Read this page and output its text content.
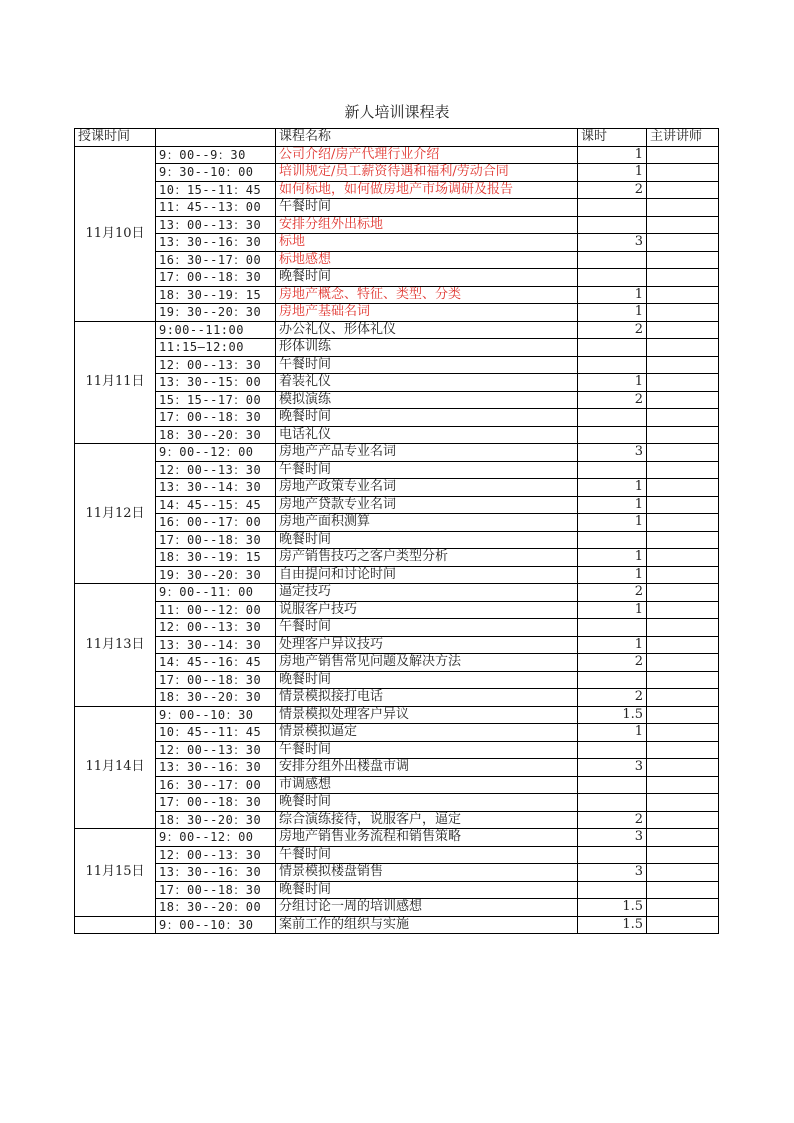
新人培训课程表
授课时间		课程名称	课时	主讲讲师
11月10日	9：00--9：30	公司介绍/房产代理行业介绍	1	
	9：30--10：00	培训规定/员工薪资待遇和福利/劳动合同	1	
	10：15--11：45	如何标地，如何做房地产市场调研及报告	2	
	11：45--13：00	午餐时间		
	13：00--13：30	安排分组外出标地		
	13：30--16：30	标地	3	
	16：30--17：00	标地感想		
	17：00--18：30	晚餐时间		
	18：30--19：15	房地产概念、特征、类型、分类	1	
	19：30--20：30	房地产基础名词	1	
11月11日	9:00--11:00	办公礼仪、形体礼仪	2	
	11:15—12:00	形体训练		
	12：00--13：30	午餐时间		
	13：30--15：00	着装礼仪	1	
	15：15--17：00	模拟演练	2	
	17：00--18：30	晚餐时间		
	18：30--20：30	电话礼仪		
11月12日	9：00--12：00	房地产产品专业名词	3	
	12：00--13：30	午餐时间		
	13：30--14：30	房地产政策专业名词	1	
	14：45--15：45	房地产贷款专业名词	1	
	16：00--17：00	房地产面积测算	1	
	17：00--18：30	晚餐时间		
	18：30--19：15	房产销售技巧之客户类型分析	1	
	19：30--20：30	自由提问和讨论时间	1	
11月13日	9：00--11：00	逼定技巧	2	
	11：00--12：00	说服客户技巧	1	
	12：00--13：30	午餐时间		
	13：30--14：30	处理客户异议技巧	1	
	14：45--16：45	房地产销售常见问题及解决方法	2	
	17：00--18：30	晚餐时间		
	18：30--20：30	情景模拟接打电话	2	
11月14日	9：00--10：30	情景模拟处理客户异议	1.5	
	10：45--11：45	情景模拟逼定	1	
	12：00--13：30	午餐时间		
	13：30--16：30	安排分组外出楼盘市调	3	
	16：30--17：00	市调感想		
	17：00--18：30	晚餐时间		
	18：30--20：30	综合演练接待，说服客户，逼定	2	
11月15日	9：00--12：00	房地产销售业务流程和销售策略	3	
	12：00--13：30	午餐时间		
	13：30--16：30	情景模拟楼盘销售	3	
	17：00--18：30	晚餐时间		
	18：30--20：00	分组讨论一周的培训感想	1.5	
	9：00--10：30	案前工作的组织与实施	1.5	
